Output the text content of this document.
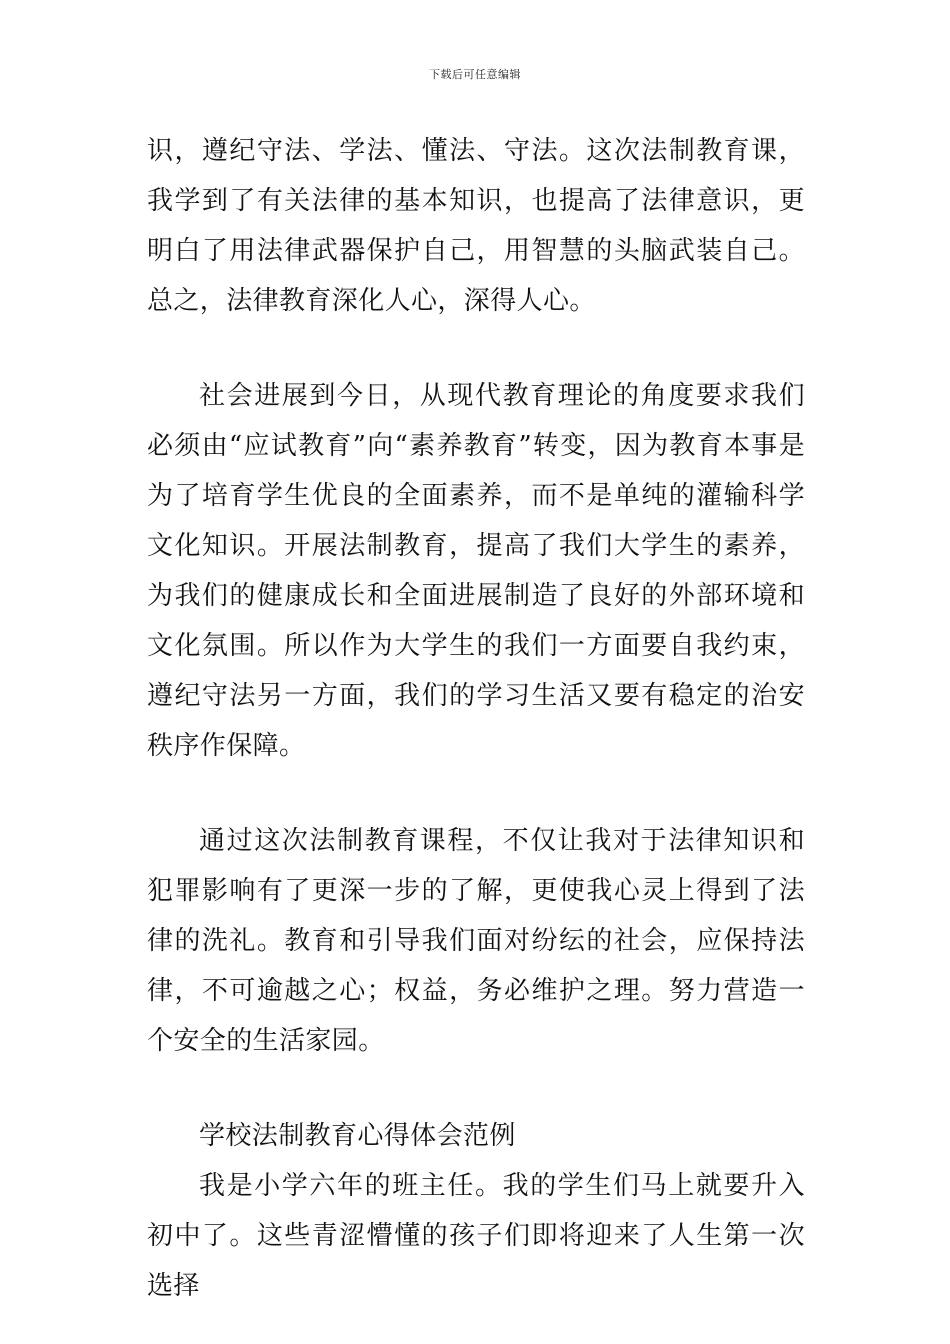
下载后可任意编辑

识，遵纪守法、学法、懂法、守法。这次法制教育课，我学到了有关法律的基本知识，也提高了法律意识，更明白了用法律武器保护自己，用智慧的头脑武装自己。总之，法律教育深化人心，深得人心。

社会进展到今日，从现代教育理论的角度要求我们必须由“应试教育”向“素养教育”转变，因为教育本事是为了培育学生优良的全面素养，而不是单纯的灌输科学文化知识。开展法制教育，提高了我们大学生的素养，为我们的健康成长和全面进展制造了良好的外部环境和文化氛围。所以作为大学生的我们一方面要自我约束，遵纪守法另一方面，我们的学习生活又要有稳定的治安秩序作保障。

通过这次法制教育课程，不仅让我对于法律知识和犯罪影响有了更深一步的了解，更使我心灵上得到了法律的洗礼。教育和引导我们面对纷纭的社会，应保持法律，不可逾越之心；权益，务必维护之理。努力营造一个安全的生活家园。

学校法制教育心得体会范例

我是小学六年的班主任。我的学生们马上就要升入初中了。这些青涩懵懂的孩子们即将迎来了人生第一次选择
